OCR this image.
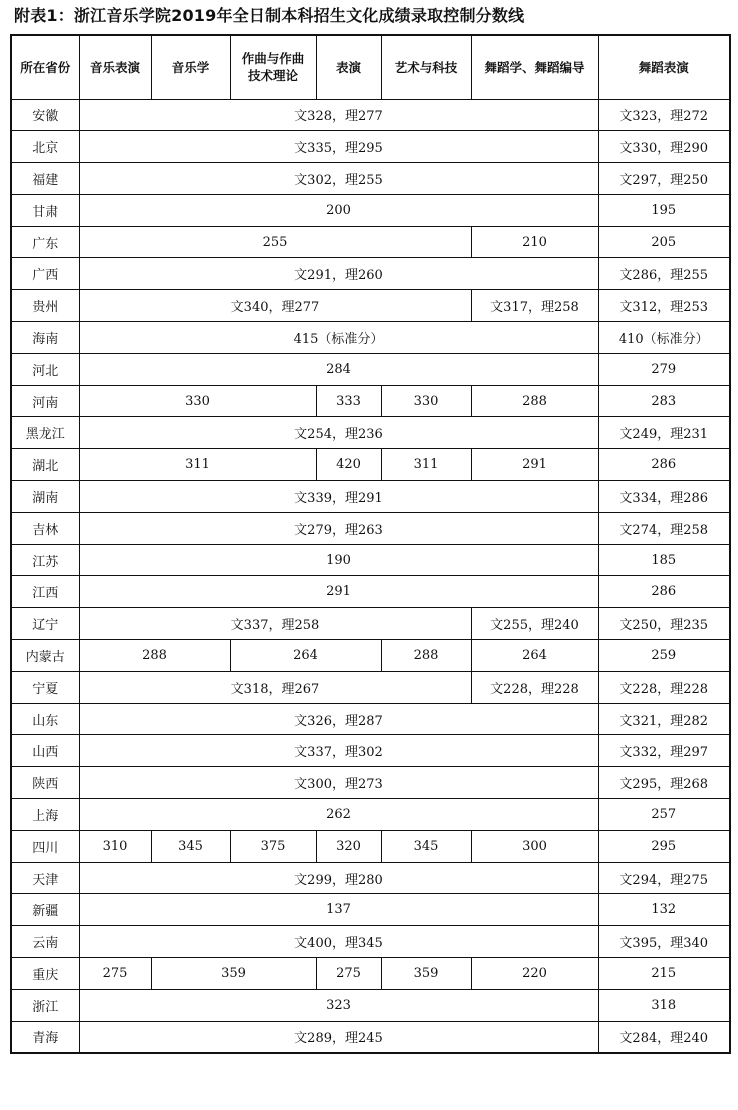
附表1：浙江音乐学院2019年全日制本科招生文化成绩录取控制分数线
所在省份	音乐表演	音乐学	作曲与作曲技术理论	表演	艺术与科技	舞蹈学、舞蹈编导	舞蹈表演
安徽	文328，理277						文323，理272
北京	文335，理295						文330，理290
福建	文302，理255						文297，理250
甘肃	200						195
广东	255					210	205
广西	文291，理260						文286，理255
贵州	文340，理277					文317，理258	文312，理253
海南	415（标准分）						410（标准分）
河北	284						279
河南	330			333	330	288	283
黑龙江	文254，理236						文249，理231
湖北	311			420	311	291	286
湖南	文339，理291						文334，理286
吉林	文279，理263						文274，理258
江苏	190						185
江西	291						286
辽宁	文337，理258					文255，理240	文250，理235
内蒙古	288		264		288	264	259
宁夏	文318，理267					文228，理228	文228，理228
山东	文326，理287						文321，理282
山西	文337，理302						文332，理297
陕西	文300，理273						文295，理268
上海	262						257
四川	310	345	375	320	345	300	295
天津	文299，理280						文294，理275
新疆	137						132
云南	文400，理345						文395，理340
重庆	275	359		275	359	220	215
浙江	323						318
青海	文289，理245						文284，理240
